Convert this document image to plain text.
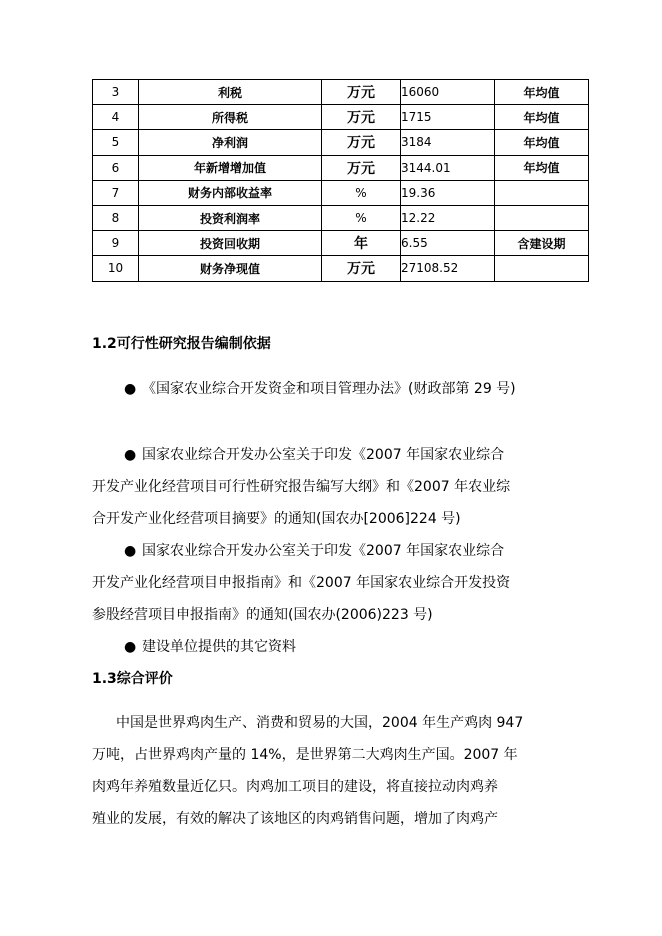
3	利税	万元	16060	年均值
4	所得税	万元	1715	年均值
5	净利润	万元	3184	年均值
6	年新增增加值	万元	3144.01	年均值
7	财务内部收益率	%	19.36	
8	投资利润率	%	12.22	
9	投资回收期	年	6.55	含建设期
10	财务净现值	万元	27108.52	
1.2可行性研究报告编制依据
● 《国家农业综合开发资金和项目管理办法》(财政部第 29 号)
● 国家农业综合开发办公室关于印发《2007 年国家农业综合
开发产业化经营项目可行性研究报告编写大纲》和《2007 年农业综
合开发产业化经营项目摘要》的通知(国农办[2006]224 号)
● 国家农业综合开发办公室关于印发《2007 年国家农业综合
开发产业化经营项目申报指南》和《2007 年国家农业综合开发投资
参股经营项目申报指南》的通知(国农办(2006)223 号)
● 建设单位提供的其它资料
1.3综合评价
中国是世界鸡肉生产、消费和贸易的大国，2004 年生产鸡肉 947
万吨，占世界鸡肉产量的 14%，是世界第二大鸡肉生产国。2007 年
肉鸡年养殖数量近亿只。肉鸡加工项目的建设，将直接拉动肉鸡养
殖业的发展，有效的解决了该地区的肉鸡销售问题，增加了肉鸡产
